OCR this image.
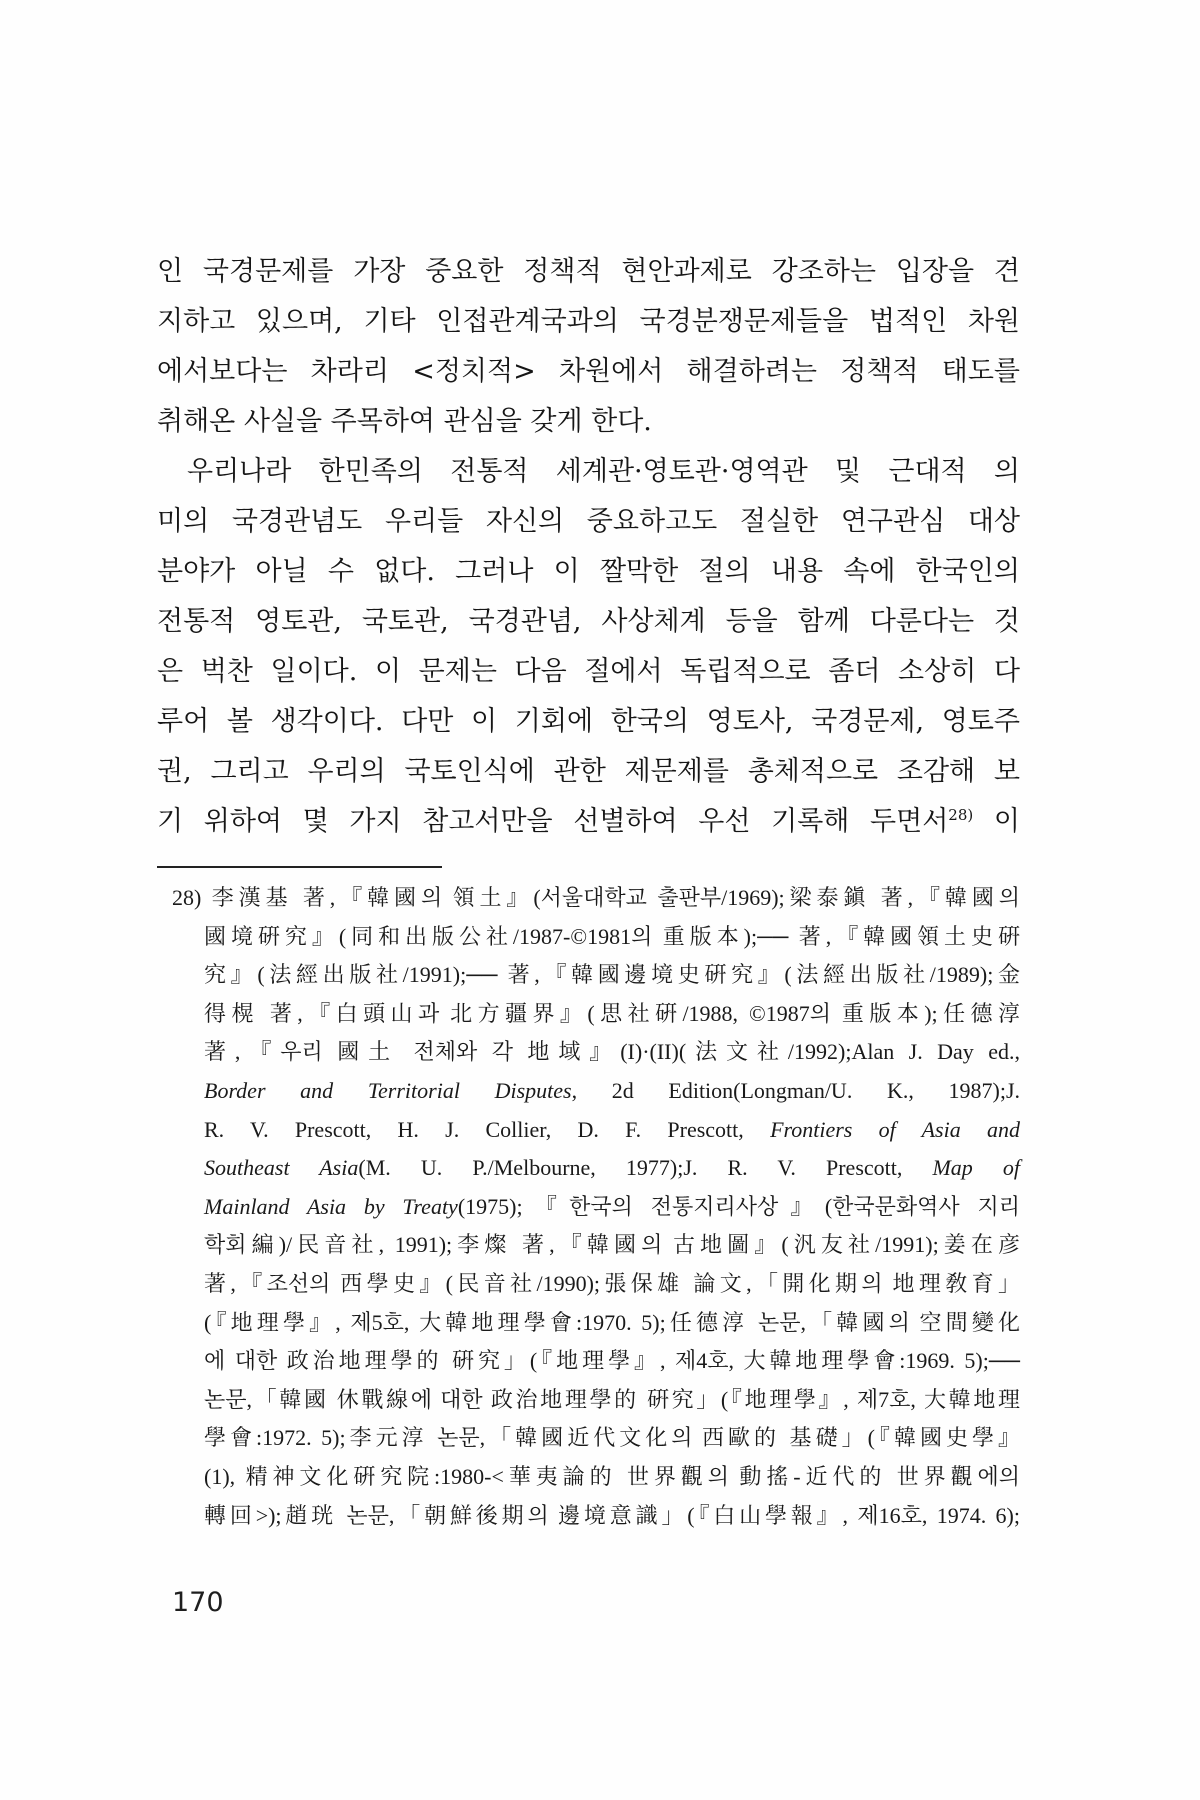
인 국경문제를 가장 중요한 정책적 현안과제로 강조하는 입장을 견
지하고 있으며, 기타 인접관계국과의 국경분쟁문제들을 법적인 차원
에서보다는 차라리 <정치적> 차원에서 해결하려는 정책적 태도를
취해온 사실을 주목하여 관심을 갖게 한다.
우리나라 한민족의 전통적 세계관·영토관·영역관 및 근대적 의
미의 국경관념도 우리들 자신의 중요하고도 절실한 연구관심 대상
분야가 아닐 수 없다. 그러나 이 짤막한 절의 내용 속에 한국인의
전통적 영토관, 국토관, 국경관념, 사상체계 등을 함께 다룬다는 것
은 벅찬 일이다. 이 문제는 다음 절에서 독립적으로 좀더 소상히 다
루어 볼 생각이다. 다만 이 기회에 한국의 영토사, 국경문제, 영토주
권, 그리고 우리의 국토인식에 관한 제문제를 총체적으로 조감해 보
기 위하여 몇 가지 참고서만을 선별하여 우선 기록해 두면서$^{28)}$ 이
28) 李漢基 著,『韓國의 領土』(서울대학교 출판부/1969);梁泰鎭 著,『韓國의
國境硏究』(同和出版公社/1987-©1981의 重版本);── 著,『韓國領土史硏
究』(法經出版社/1991);── 著,『韓國邊境史硏究』(法經出版社/1989);金
得榥 著,『白頭山과 北方疆界』(思社硏/1988, ©1987의 重版本);任德淳
著,『우리 國土 전체와 각 地域』(I)·(II)(法文社/1992);Alan J. Day ed.,
Border and Territorial Disputes, 2d Edition(Longman/U. K., 1987);J.
R. V. Prescott, H. J. Collier, D. F. Prescott, Frontiers of Asia and
Southeast Asia(M. U. P./Melbourne, 1977);J. R. V. Prescott, Map of
Mainland Asia by Treaty(1975);『한국의 전통지리사상』(한국문화역사 지리
학회編)/民音社, 1991);李燦 著,『韓國의 古地圖』(汎友社/1991);姜在彦
著,『조선의 西學史』(民音社/1990);張保雄 論文,「開化期의 地理敎育」
(『地理學』, 제5호, 大韓地理學會:1970. 5);任德淳 논문,「韓國의 空間變化
에 대한 政治地理學的 硏究」(『地理學』, 제4호, 大韓地理學會:1969. 5);──
논문,「韓國 休戰線에 대한 政治地理學的 硏究」(『地理學』, 제7호, 大韓地理
學會:1972. 5);李元淳 논문,「韓國近代文化의 西歐的 基礎」(『韓國史學』
(1), 精神文化硏究院:1980-<華夷論的 世界觀의 動搖-近代的 世界觀에의
轉回>);趙珖 논문,「朝鮮後期의 邊境意識」(『白山學報』, 제16호, 1974. 6);
170
